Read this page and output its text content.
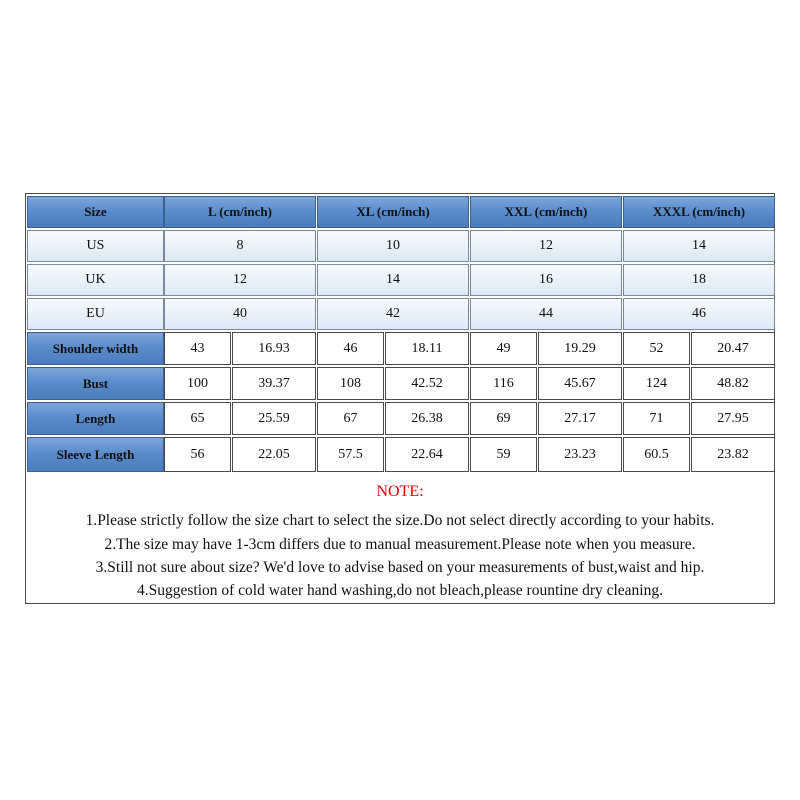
Size	L (cm/inch)	XL (cm/inch)	XXL (cm/inch)	XXXL (cm/inch)
US	8	10	12	14
UK	12	14	16	18
EU	40	42	44	46
Shoulder width	43	16.93	46	18.11	49	19.29	52	20.47
Bust	100	39.37	108	42.52	116	45.67	124	48.82
Length	65	25.59	67	26.38	69	27.17	71	27.95
Sleeve Length	56	22.05	57.5	22.64	59	23.23	60.5	23.82
NOTE:
1.Please strictly follow the size chart to select the size.Do not select directly according to your habits.
2.The size may have 1-3cm differs due to manual measurement.Please note when you measure.
3.Still not sure about size? We'd love to advise based on your measurements of bust,waist and hip.
4.Suggestion of cold water hand washing,do not bleach,please rountine dry cleaning.
